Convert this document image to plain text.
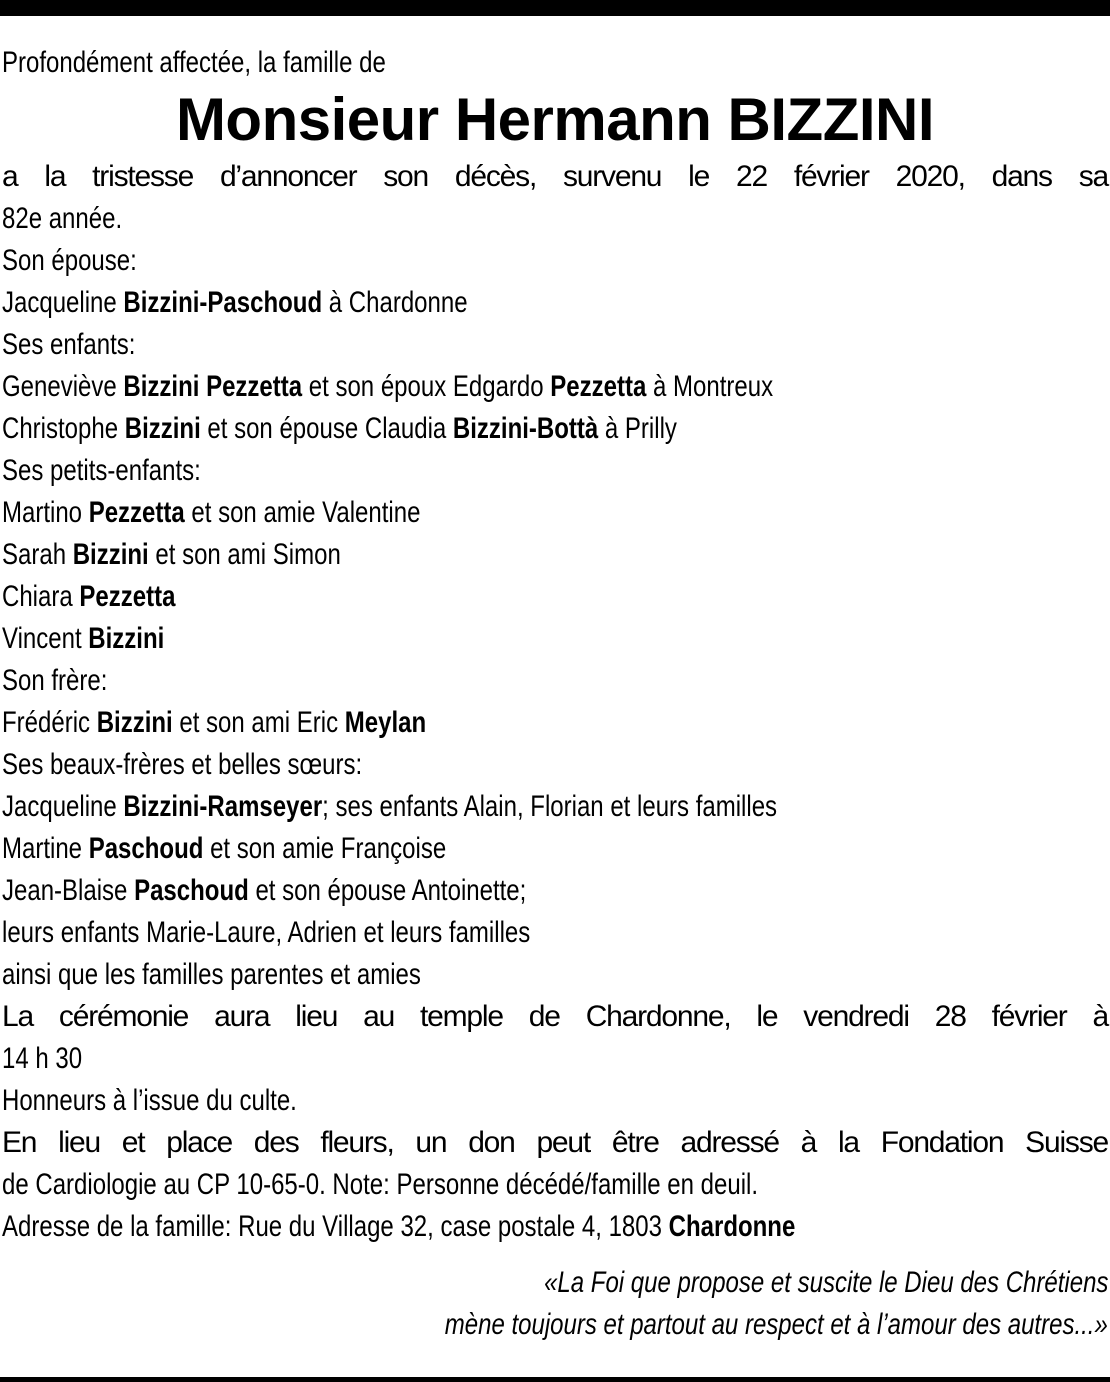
Profondément affectée, la famille de
Monsieur Hermann BIZZINI
a la tristesse d’annoncer son décès, survenu le 22 février 2020, dans sa
82e année.
Son épouse:
Jacqueline Bizzini-Paschoud à Chardonne
Ses enfants:
Geneviève Bizzini Pezzetta et son époux Edgardo Pezzetta à Montreux
Christophe Bizzini et son épouse Claudia Bizzini-Bottà à Prilly
Ses petits-enfants:
Martino Pezzetta et son amie Valentine
Sarah Bizzini et son ami Simon
Chiara Pezzetta
Vincent Bizzini
Son frère:
Frédéric Bizzini et son ami Eric Meylan
Ses beaux-frères et belles sœurs:
Jacqueline Bizzini-Ramseyer; ses enfants Alain, Florian et leurs familles
Martine Paschoud et son amie Françoise
Jean-Blaise Paschoud et son épouse Antoinette;
leurs enfants Marie-Laure, Adrien et leurs familles
ainsi que les familles parentes et amies
La cérémonie aura lieu au temple de Chardonne, le vendredi 28 février à
14 h 30
Honneurs à l’issue du culte.
En lieu et place des fleurs, un don peut être adressé à la Fondation Suisse
de Cardiologie au CP 10-65-0. Note: Personne décédé/famille en deuil.
Adresse de la famille: Rue du Village 32, case postale 4, 1803 Chardonne
«La Foi que propose et suscite le Dieu des Chrétiens
mène toujours et partout au respect et à l’amour des autres...»
